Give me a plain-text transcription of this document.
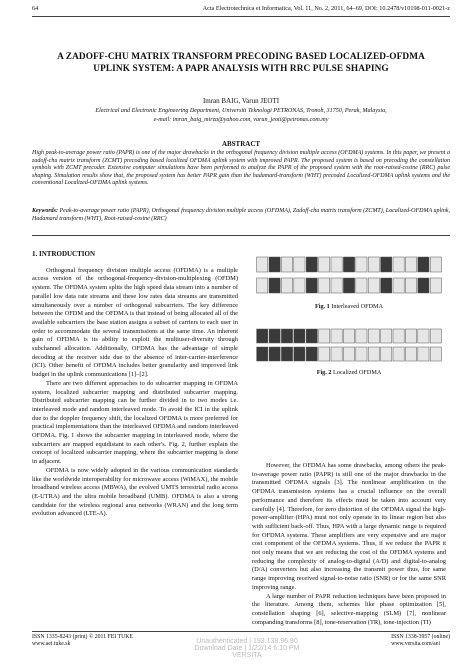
64	Acta Electrotechnica et Informatica, Vol. 11, No. 2, 2011, 64–69, DOI: 10.2478/v10198-011-0021-z
A ZADOFF-CHU MATRIX TRANSFORM PRECODING BASED LOCALIZED-OFDMA UPLINK SYSTEM: A PAPR ANALYSIS WITH RRC PULSE SHAPING
Imran BAIG, Varun JEOTI
Electrical and Electronic Engineering Department, Universiti Teknologi PETRONAS, Tronoh, 31750, Perak, Malaysia,
e-mail: imran_baig_mirza@yahoo.com, varun_jeoti@petronas.com.my
ABSTRACT
High peak-to-average power ratio (PAPR) is one of the major drawbacks in the orthogonal frequency division multiple access (OFDMA) systems. In this paper, we present a zadoff-chu matrix transform (ZCMT) precoding based localized OFDMA uplink system with improved PAPR. The proposed system is based on precoding the constellation symbols with ZCMT precoder. Extensive computer simulations have been performed to analyze the PAPR of the proposed system with the root-raised-cosine (RRC) pulse shaping. Simulation results show that, the proposed system has better PAPR gain than the hadamard-transform (WHT) precoded Localized-OFDMA uplink systems and the conventional Localized-OFDMA uplink systems.
Keywords: Peak-to-average power ratio (PAPR), Orthogonal frequency division multiple access (OFDMA), Zadoff-chu matrix transform (ZCMT), Localized-OFDMA uplink, Hadamard transform (WHT), Root-raised-cosine (RRC)
1. INTRODUCTION

Orthogonal frequency division multiple access (OFDMA) is a multiple access version of the orthogonal-frequency-division-multiplexing (OFDM) system. The OFDMA system splits the high speed data stream into a number of parallel low data rate streams and these low rates data streams are transmitted simultaneously over a number of orthogonal subcarriers. The key difference between the OFDM and the OFDMA is that instead of being allocated all of the available subcarriers the base station assigns a subset of carriers to each user in order to accommodate the several transmissions at the same time. An inherent gain of OFDMA is its ability to exploit the multiuser-diversity through subchannel allocation. Additionally, OFDMA has the advantage of simple decoding at the receiver side due to the absence of inter-carrier-interference (ICI). Other benefit of OFDMA includes better granularity and improved link budget in the uplink communications [1]–[2].

There are two different approaches to do subcarrier mapping in OFDMA system, localized subcarrier mapping and distributed subcarrier mapping. Distributed subcarrier mapping can be further divided in to two modes i.e. interleaved mode and random interleaved mode. To avoid the ICI in the uplink due to the doppler frequency shift, the localized OFDMA is more preferred for practical implementations than the interleaved OFDMA and random interleaved OFDMA. Fig. 1 shows the subcarrier mapping in interleaved mode, where the subcarriers are mapped equidistant to each other's. Fig. 2, further explain the concept of localized subcarrier mapping, where the subcarrier mapping is done in adjacent.

OFDMA is now widely adopted in the various communication standards like the worldwide interoperability for microwave access (WiMAX), the mobile broadband wireless access (MBWA), the evolved UMTS terrestrial radio access (E-UTRA) and the ultra mobile broadband (UMB). OFDMA is also a strong candidate for the wireless regional area networks (WRAN) and the long term evolution advanced (LTE-A).

Fig. 1 Interleaved OFDMA
Fig. 2 Localized OFDMA

However, the OFDMA has some drawbacks, among others the peak-to-average power ratio (PAPR) is still one of the major drawbacks in the transmitted OFDMA signals [3]. The nonlinear amplification in the OFDMA transmission systems has a crucial influence on the overall performance and therefore its effects must be taken into account very carefully [4]. Therefore, for zero distortion of the OFDMA signal the high-power-amplifier (HPA) must not only operate in its linear region but also with sufficient back-off. Thus, HPA with a large dynamic range is required for OFDMA systems. These amplifiers are very expensive and are major cost component of the OFDMA systems. Thus, if we reduce the PAPR it not only means that we are reducing the cost of the OFDMA systems and reducing the complexity of analog-to-digital (A/D) and digital-to-analog (D/A) converters but also increasing the transmit power thus, for same range improving received signal-to-noise ratio (SNR) or for the same SNR improving range.

A large number of PAPR reduction techniques have been proposed in the literature. Among them, schemes like phase optimization [5], constellation shaping [6], selective-mapping (SLM) [7], nonlinear companding transforms [8], tone-reservation (TR), tone-injection (TI)

ISSN 1335-8243 (print) © 2011 FEI TUKE
www.aei.tuke.sk	Unauthenticated | 193.138.96.90 Download Date | 1/22/14 6:10 PM VERSITA
ISSN 1338-3957 (online)
www.versita.com/aei
